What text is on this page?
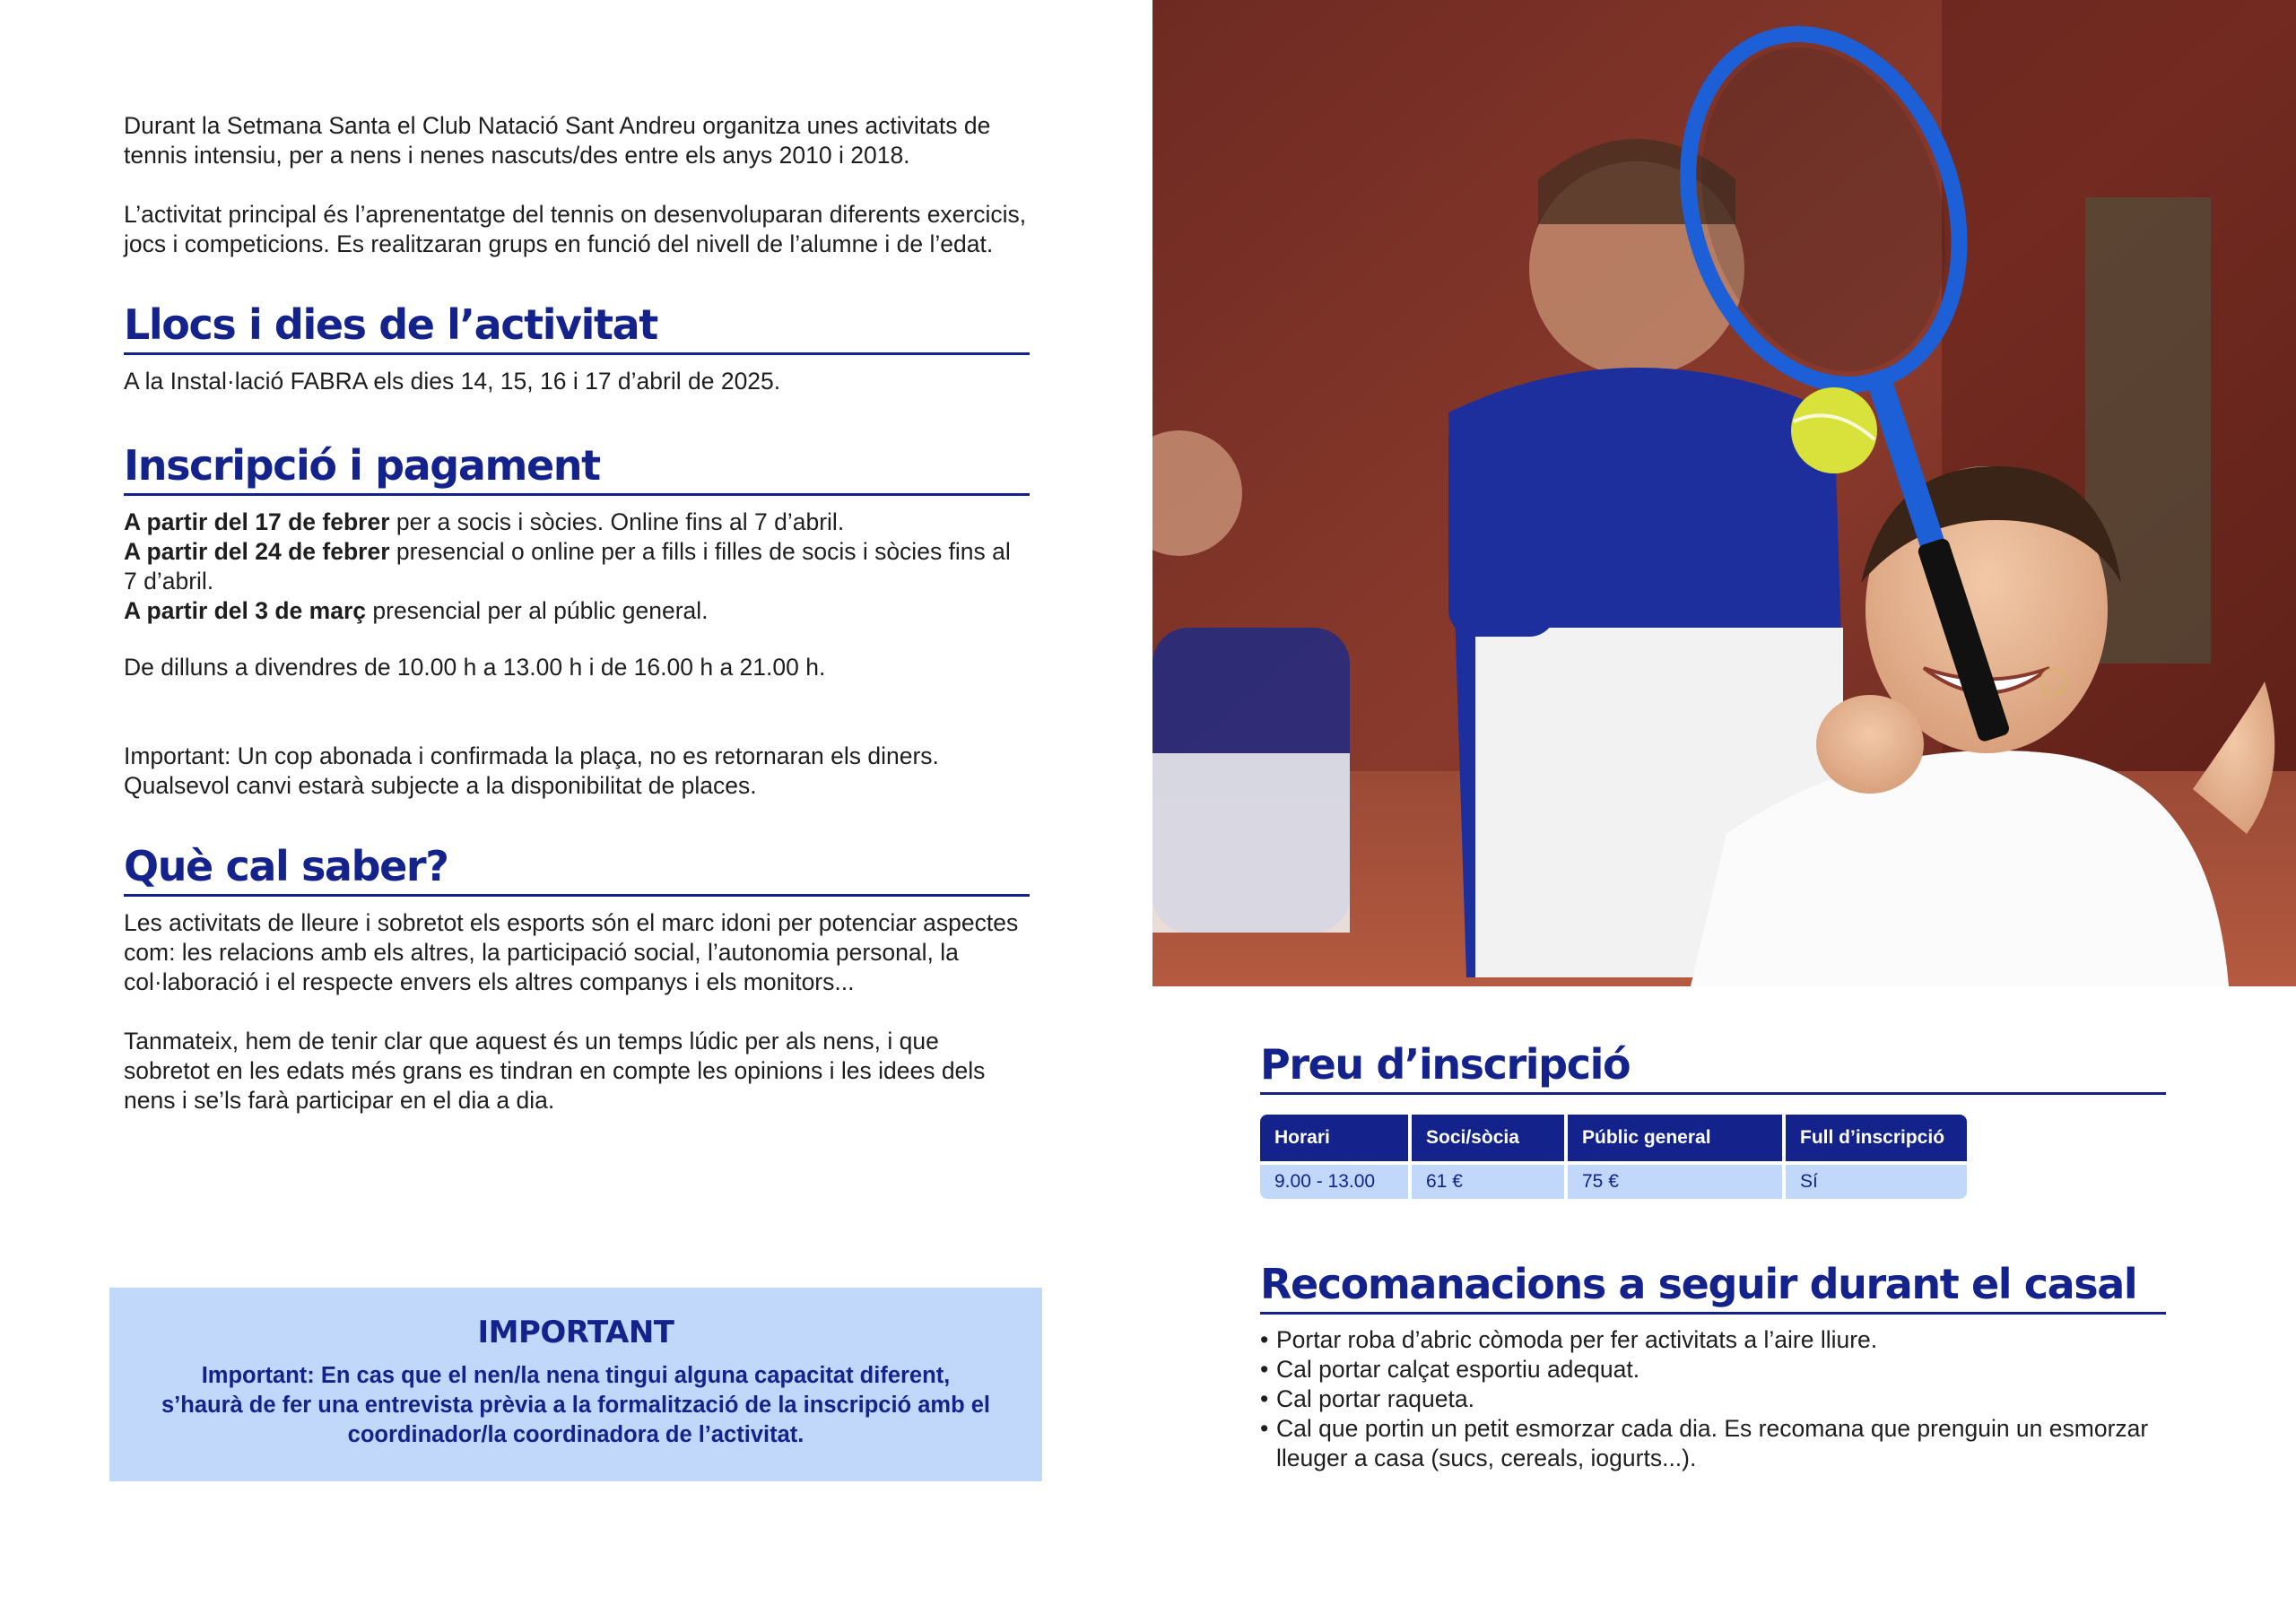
Durant la Setmana Santa el Club Natació Sant Andreu organitza unes activitats de tennis intensiu, per a nens i nenes nascuts/des entre els anys 2010 i 2018.

L’activitat principal és l’aprenentatge del tennis on desenvoluparan diferents exercicis, jocs i competicions. Es realitzaran grups en funció del nivell de l’alumne i de l’edat.

Llocs i dies de l’activitat

A la Instal·lació FABRA els dies 14, 15, 16 i 17 d’abril de 2025.

Inscripció i pagament

A partir del 17 de febrer per a socis i sòcies. Online fins al 7 d’abril.

A partir del 24 de febrer presencial o online per a fills i filles de socis i sòcies fins al 7 d’abril.

A partir del 3 de març presencial per al públic general.

De dilluns a divendres de 10.00 h a 13.00 h i de 16.00 h a 21.00 h.

Important: Un cop abonada i confirmada la plaça, no es retornaran els diners. Qualsevol canvi estarà subjecte a la disponibilitat de places.

Què cal saber?

Les activitats de lleure i sobretot els esports són el marc idoni per potenciar aspectes com: les relacions amb els altres, la participació social, l’autonomia personal, la col·laboració i el respecte envers els altres companys i els monitors...

Tanmateix, hem de tenir clar que aquest és un temps lúdic per als nens, i que sobretot en les edats més grans es tindran en compte les opinions i les idees dels nens i se’ls farà participar en el dia a dia.

IMPORTANT
Important: En cas que el nen/la nena tingui alguna capacitat diferent, s’haurà de fer una entrevista prèvia a la formalització de la inscripció amb el coordinador/la coordinadora de l’activitat.
Preu d’inscripció
Horari	Soci/sòcia	Públic general	Full d’inscripció
9.00 - 13.00	61 €	75 €	Sí
Recomanacions a seguir durant el casal
• Portar roba d’abric còmoda per fer activitats a l’aire lliure.
• Cal portar calçat esportiu adequat.
• Cal portar raqueta.
• Cal que portin un petit esmorzar cada dia. Es recomana que prenguin un esmorzar lleuger a casa (sucs, cereals, iogurts...).
